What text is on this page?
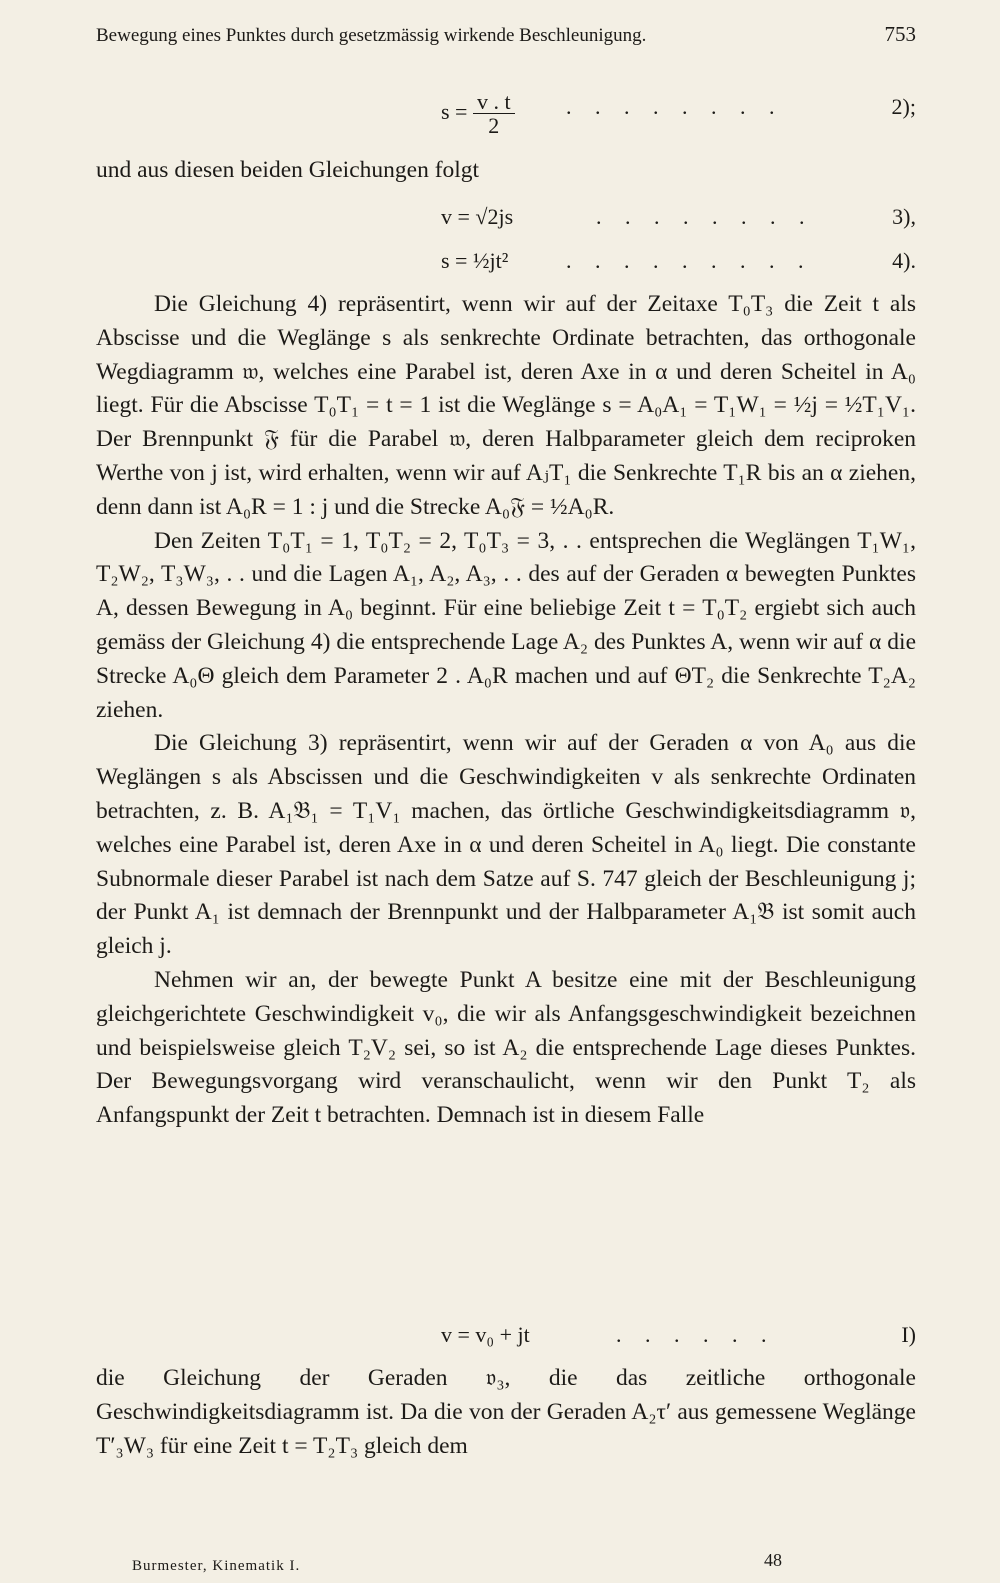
Bewegung eines Punktes durch gesetzmässig wirkende Beschleunigung.	753
$s = \frac{v . t}{2}$ . . . . . . . .	2);

und aus diesen beiden Gleichungen folgt

v = √2js	. . . . . . . .	3),
s = ½jt²	. . . . . . . . .	4).

Die Gleichung 4) repräsentirt, wenn wir auf der Zeitaxe T₀T₃ die Zeit t als Abscisse und die Weglänge s als senkrechte Ordinate betrachten, das orthogonale Wegdiagramm 𝔴, welches eine Parabel ist, deren Axe in α und deren Scheitel in A₀ liegt. Für die Abscisse T₀T₁ = t = 1 ist die Weglänge s = A₀A₁ = T₁W₁ = ½j = ½T₁V₁. Der Brennpunkt 𝔉 für die Parabel 𝔴, deren Halbparameter gleich dem reciproken Werthe von j ist, wird erhalten, wenn wir auf AⱼT₁ die Senkrechte T₁R bis an α ziehen, denn dann ist A₀R = 1 : j und die Strecke A₀𝔉 = ½A₀R.

Den Zeiten T₀T₁ = 1, T₀T₂ = 2, T₀T₃ = 3, . . entsprechen die Weglängen T₁W₁, T₂W₂, T₃W₃, . . und die Lagen A₁, A₂, A₃, . . des auf der Geraden α bewegten Punktes A, dessen Bewegung in A₀ beginnt. Für eine beliebige Zeit t = T₀T₂ ergiebt sich auch gemäss der Gleichung 4) die entsprechende Lage A₂ des Punktes A, wenn wir auf α die Strecke A₀Θ gleich dem Parameter 2 . A₀R machen und auf ΘT₂ die Senkrechte T₂A₂ ziehen.

Die Gleichung 3) repräsentirt, wenn wir auf der Geraden α von A₀ aus die Weglängen s als Abscissen und die Geschwindigkeiten v als senkrechte Ordinaten betrachten, z. B. A₁𝔅₁ = T₁V₁ machen, das örtliche Geschwindigkeitsdiagramm 𝔳, welches eine Parabel ist, deren Axe in α und deren Scheitel in A₀ liegt. Die constante Subnormale dieser Parabel ist nach dem Satze auf S. 747 gleich der Beschleunigung j; der Punkt A₁ ist demnach der Brennpunkt und der Halbparameter A₁𝔅 ist somit auch gleich j.

Nehmen wir an, der bewegte Punkt A besitze eine mit der Beschleunigung gleichgerichtete Geschwindigkeit v₀, die wir als Anfangsgeschwindigkeit bezeichnen und beispielsweise gleich T₂V₂ sei, so ist A₂ die entsprechende Lage dieses Punktes. Der Bewegungsvorgang wird veranschaulicht, wenn wir den Punkt T₂ als Anfangspunkt der Zeit t betrachten. Demnach ist in diesem Falle

v = v₀ + jt	. . . . . .	I)

die Gleichung der Geraden 𝔳₃, die das zeitliche orthogonale Geschwindigkeitsdiagramm ist. Da die von der Geraden A₂τ′ aus gemessene Weglänge T′₃W₃ für eine Zeit t = T₂T₃ gleich dem

Burmester, Kinematik I.	48
